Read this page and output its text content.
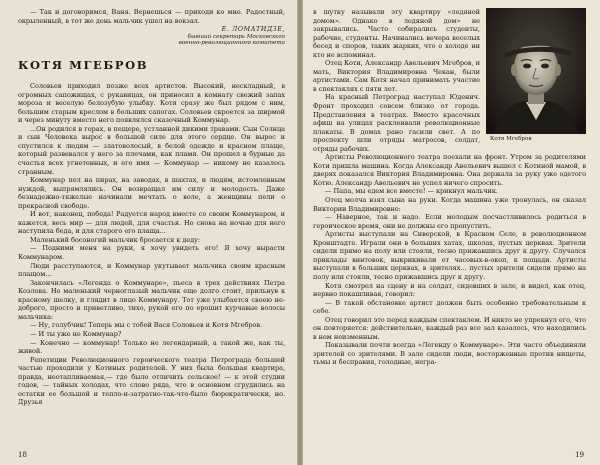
— Так и договоримся, Ваня. Вернешься — приходи ко мне. Радостный, окрыленный, в тот же день мальчик ушел на вокзал.

Е. ЛОМАТИДЗЕ,
бывший секретарь Московского
военно-революционного комитета
КОТЯ МГЕБРОВ

Соловьев приходил позже всех артистов. Высокий, нескладный, в огромных сапожищах, с рукавицах, он приносил в комнату свежий запах мороза и веселую белозубую улыбку. Котя сразу же был рядом с ним, большим старым креслом в больших сапогах. Соловьев скроется за ширмой и через минуту вместо него появлялся сказочный Коммунар.

...Он родился в горах, в пещере, устланной дикими травами. Сын Солнца и сын Человека вырос в большой силе для этого сердце. Он вырос и спустился к людям — златоволосый, в белой одежде и красном плаще, который развевался у него за плечами, как пламя. Он прошел в бурные да счастья всех угнетенных, и его имя — Коммунар — никому не казалось странным.

Коммунар пел на пирах, на заводах, в шахтах, и людям, истомленным нуждой, выпрямлялись. Он возвращал им силу и молодость. Даже безнадежно-тяжелые начинали мечтать о воле, а женщины пели о прекрасной свободе.

И вот, наконец, победа! Радуется народ вместе со своим Коммунаром, и кажется, весь мир — для людей, для счастья. Но снова на ночью для него наступила беда, и для старого его плаща...

Маленький босоногий мальчик бросается к деду:

— Подними меня на руки, я хочу увидеть его! Я хочу вырасти Коммунаром.

Люди расступаются, и Коммунар укутывает мальчика своим красным плащом...

Закончилась «Легенда о Коммунаре», пьеса в трех действиях Петра Козлова. Но маленький черноглазый мальчик еще долго стоит, прильнув к красному шелку, и глядит в лицо Коммунару. Тот уже улыбается своею не-доброго, просто и приветливо, тихо, рукой его по ерошит курчавые волосы мальчика:

— Ну, голубчик! Теперь мы с тобой Вася Соловьев и Котя Мгебров.

— И ты уже не Коммунар?

— Конечно — коммунар! Только не легендарный, а такой же, как ты, живой.

Репетиции Революционного героического театра Петрограда большей частью проходили у Котиных родителей. У них была большая квартира, правда, неотапливаемая,— где было отличить сельское! — к этой студии годов, — тайных холодах, что слово ряда, что в основном сгрудились на остатки ее большой и тепло-и-затратно-так-что-было бюрократически, но. Друзья

18
Котя Мгебров

в шутку называли эту квартиру «ледяной домом». Однако в ледяной дом» не закрывались. Часто собирались студенты, рабочие, студенты. Начинались вечера веселых бесед и споров, таких жарких, что о холоде ни кто не вспоминал.

Отец Коти, Александр Авельевич Мгебров, и мать, Виктория Владимировна Чекан, были артистами. Сам Котя начал принимать участие в спектаклях с пяти лет.

На красный Петроград наступал Юденич. Фронт проходил совсем близко от города. Представления в театрах. Вместо красочных афиш на улицах расклеивали революционные плакаты. В домах рано гасили свет. А по проспекту шли отряды матросов, солдат, отряды рабочих.

Артисты Революционного театра поехали на фронт. Утром за родителями Коти пришла машина. Когда Александр Авельевич вышел с Котиной мамой, в дверях показался Виктория Владимировна. Она держала за руку уже одетого Котю. Александр Авельевич не успел ничего спросить.

— Папа, мы едем все вместе! — крикнул мальчик.

Отец молча взял сына на руки. Когда машина уже тронулась, он сказал Виктории Владимировне:

— Наверное, так и надо. Если молодым посчастливилось родиться в героическое время, они не должны его пропустить.

Артисты выступали на Сиверской, в Красном Селе, в революционном Кронштадте. Играли они в больших хатах, школах, пустых церквах. Зрители сидели прямо на полу или стояли, тесно прижавшись друг к другу. Случался приклады винтовок, выкрикивали от часовых-в-окоп, к пощади. Артисты выступали в больших церквах, в зрителях... пустых зрители сидели прямо на полу или стояли, тесно прижавшись друг к другу.

Котя смотрел на сцену и на солдат, сидевших в зале, и видел, как отец, нервно покашливая, говорил:

— В такой обстановке артист должен быть особенно требовательным к себе.

Отец говорил это перед каждым спектаклем. И никто не упрекнул его, что он повторяется: действительно, каждый раз все зал казалось, что находились в нем неизменным.

Показывали почти всегда «Легенду о Коммунаре». Эти часто объединяли зрителей со зрителями. В зале сидели люди, восторженные против нищеты, тьмы и бесправия, голодные, негра-

19
